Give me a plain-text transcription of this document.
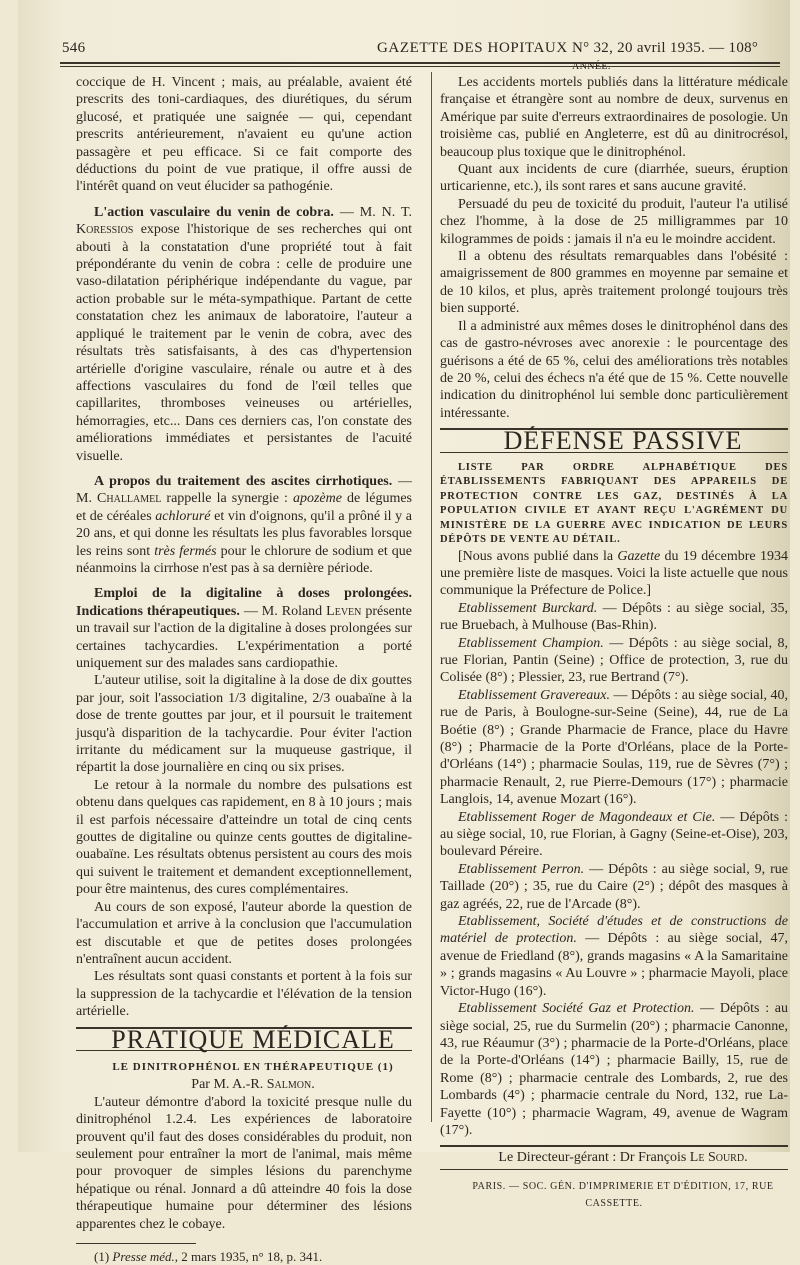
546	GAZETTE DES HOPITAUX N° 32, 20 avril 1935. — 108° ANNÉE.

coccique de H. Vincent ; mais, au préalable, avaient été prescrits des toni-cardiaques, des diurétiques, du sérum glucosé, et pratiquée une saignée — qui, cependant prescrits antérieurement, n'avaient eu qu'une action passagère et peu efficace. Si ce fait comporte des déductions du point de vue pratique, il offre aussi de l'intérêt quand on veut élucider sa pathogénie.

L'action vasculaire du venin de cobra. — M. N. T. Koressios expose l'historique de ses recherches qui ont abouti à la constatation d'une propriété tout à fait prépondérante du venin de cobra : celle de produire une vaso-dilatation périphérique indépendante du vague, par action probable sur le méta-sympathique. Partant de cette constatation chez les animaux de laboratoire, l'auteur a appliqué le traitement par le venin de cobra, avec des résultats très satisfaisants, à des cas d'hypertension artérielle d'origine vasculaire, rénale ou autre et à des affections vasculaires du fond de l'œil telles que capillarites, thromboses veineuses ou artérielles, hémorragies, etc... Dans ces derniers cas, l'on constate des améliorations immédiates et persistantes de l'acuité visuelle.

A propos du traitement des ascites cirrhotiques. — M. Challamel rappelle la synergie : apozème de légumes et de céréales achloruré et vin d'oignons, qu'il a prôné il y a 20 ans, et qui donne les résultats les plus favorables lorsque les reins sont très fermés pour le chlorure de sodium et que néanmoins la cirrhose n'est pas à sa dernière période.

Emploi de la digitaline à doses prolongées. Indications thérapeutiques. — M. Roland Leven présente un travail sur l'action de la digitaline à doses prolongées sur certaines tachycardies. L'expérimentation a porté uniquement sur des malades sans cardiopathie.

L'auteur utilise, soit la digitaline à la dose de dix gouttes par jour, soit l'association 1/3 digitaline, 2/3 ouabaïne à la dose de trente gouttes par jour, et il poursuit le traitement jusqu'à disparition de la tachycardie. Pour éviter l'action irritante du médicament sur la muqueuse gastrique, il répartit la dose journalière en cinq ou six prises.

Le retour à la normale du nombre des pulsations est obtenu dans quelques cas rapidement, en 8 à 10 jours ; mais il est parfois nécessaire d'atteindre un total de cinq cents gouttes de digitaline ou quinze cents gouttes de digitaline-ouabaïne. Les résultats obtenus persistent au cours des mois qui suivent le traitement et demandent exceptionnellement, pour être maintenus, des cures complémentaires.

Au cours de son exposé, l'auteur aborde la question de l'accumulation et arrive à la conclusion que l'accumulation est discutable et que de petites doses prolongées n'entraînent aucun accident.

Les résultats sont quasi constants et portent à la fois sur la suppression de la tachycardie et l'élévation de la tension artérielle.

PRATIQUE MÉDICALE

LE DINITROPHÉNOL EN THÉRAPEUTIQUE (1)

Par M. A.-R. Salmon.

L'auteur démontre d'abord la toxicité presque nulle du dinitrophénol 1.2.4. Les expériences de laboratoire prouvent qu'il faut des doses considérables du produit, non seulement pour entraîner la mort de l'animal, mais même pour provoquer de simples lésions du parenchyme hépatique ou rénal. Jonnard a dû atteindre 40 fois la dose thérapeutique humaine pour déterminer des lésions apparentes chez le cobaye.

(1) Presse méd., 2 mars 1935, n° 18, p. 341.

Les accidents mortels publiés dans la littérature médicale française et étrangère sont au nombre de deux, survenus en Amérique par suite d'erreurs extraordinaires de posologie. Un troisième cas, publié en Angleterre, est dû au dinitrocrésol, beaucoup plus toxique que le dinitrophénol.

Quant aux incidents de cure (diarrhée, sueurs, éruption urticarienne, etc.), ils sont rares et sans aucune gravité.

Persuadé du peu de toxicité du produit, l'auteur l'a utilisé chez l'homme, à la dose de 25 milligrammes par 10 kilogrammes de poids : jamais il n'a eu le moindre accident.

Il a obtenu des résultats remarquables dans l'obésité : amaigrissement de 800 grammes en moyenne par semaine et de 10 kilos, et plus, après traitement prolongé toujours très bien supporté.

Il a administré aux mêmes doses le dinitrophénol dans des cas de gastro-névroses avec anorexie : le pourcentage des guérisons a été de 65 %, celui des améliorations très notables de 20 %, celui des échecs n'a été que de 15 %. Cette nouvelle indication du dinitrophénol lui semble donc particulièrement intéressante.

DÉFENSE PASSIVE

LISTE PAR ORDRE ALPHABÉTIQUE DES ÉTABLISSEMENTS FABRIQUANT DES APPAREILS DE PROTECTION CONTRE LES GAZ, DESTINÉS À LA POPULATION CIVILE ET AYANT REÇU L'AGRÉMENT DU MINISTÈRE DE LA GUERRE AVEC INDICATION DE LEURS DÉPÔTS DE VENTE AU DÉTAIL.

[Nous avons publié dans la Gazette du 19 décembre 1934 une première liste de masques. Voici la liste actuelle que nous communique la Préfecture de Police.]

Etablissement Burckard. — Dépôts : au siège social, 35, rue Bruebach, à Mulhouse (Bas-Rhin).

Etablissement Champion. — Dépôts : au siège social, 8, rue Florian, Pantin (Seine) ; Office de protection, 3, rue du Colisée (8°) ; Plessier, 23, rue Bertrand (7°).

Etablissement Gravereaux. — Dépôts : au siège social, 40, rue de Paris, à Boulogne-sur-Seine (Seine), 44, rue de La Boétie (8°) ; Grande Pharmacie de France, place du Havre (8°) ; Pharmacie de la Porte d'Orléans, place de la Porte-d'Orléans (14°) ; pharmacie Soulas, 119, rue de Sèvres (7°) ; pharmacie Renault, 2, rue Pierre-Demours (17°) ; pharmacie Langlois, 14, avenue Mozart (16°).

Etablissement Roger de Magondeaux et Cie. — Dépôts : au siège social, 10, rue Florian, à Gagny (Seine-et-Oise), 203, boulevard Péreire.

Etablissement Perron. — Dépôts : au siège social, 9, rue Taillade (20°) ; 35, rue du Caire (2°) ; dépôt des masques à gaz agréés, 22, rue de l'Arcade (8°).

Etablissement, Société d'études et de constructions de matériel de protection. — Dépôts : au siège social, 47, avenue de Friedland (8°), grands magasins « A la Samaritaine » ; grands magasins « Au Louvre » ; pharmacie Mayoli, place Victor-Hugo (16°).

Etablissement Société Gaz et Protection. — Dépôts : au siège social, 25, rue du Surmelin (20°) ; pharmacie Canonne, 43, rue Réaumur (3°) ; pharmacie de la Porte-d'Orléans, place de la Porte-d'Orléans (14°) ; pharmacie Bailly, 15, rue de Rome (8°) ; pharmacie centrale des Lombards, 2, rue des Lombards (4°) ; pharmacie centrale du Nord, 132, rue La-Fayette (10°) ; pharmacie Wagram, 49, avenue de Wagram (17°).

Le Directeur-gérant : Dr François Le Sourd.

PARIS. — SOC. GÉN. D'IMPRIMERIE ET D'ÉDITION, 17, RUE CASSETTE.
